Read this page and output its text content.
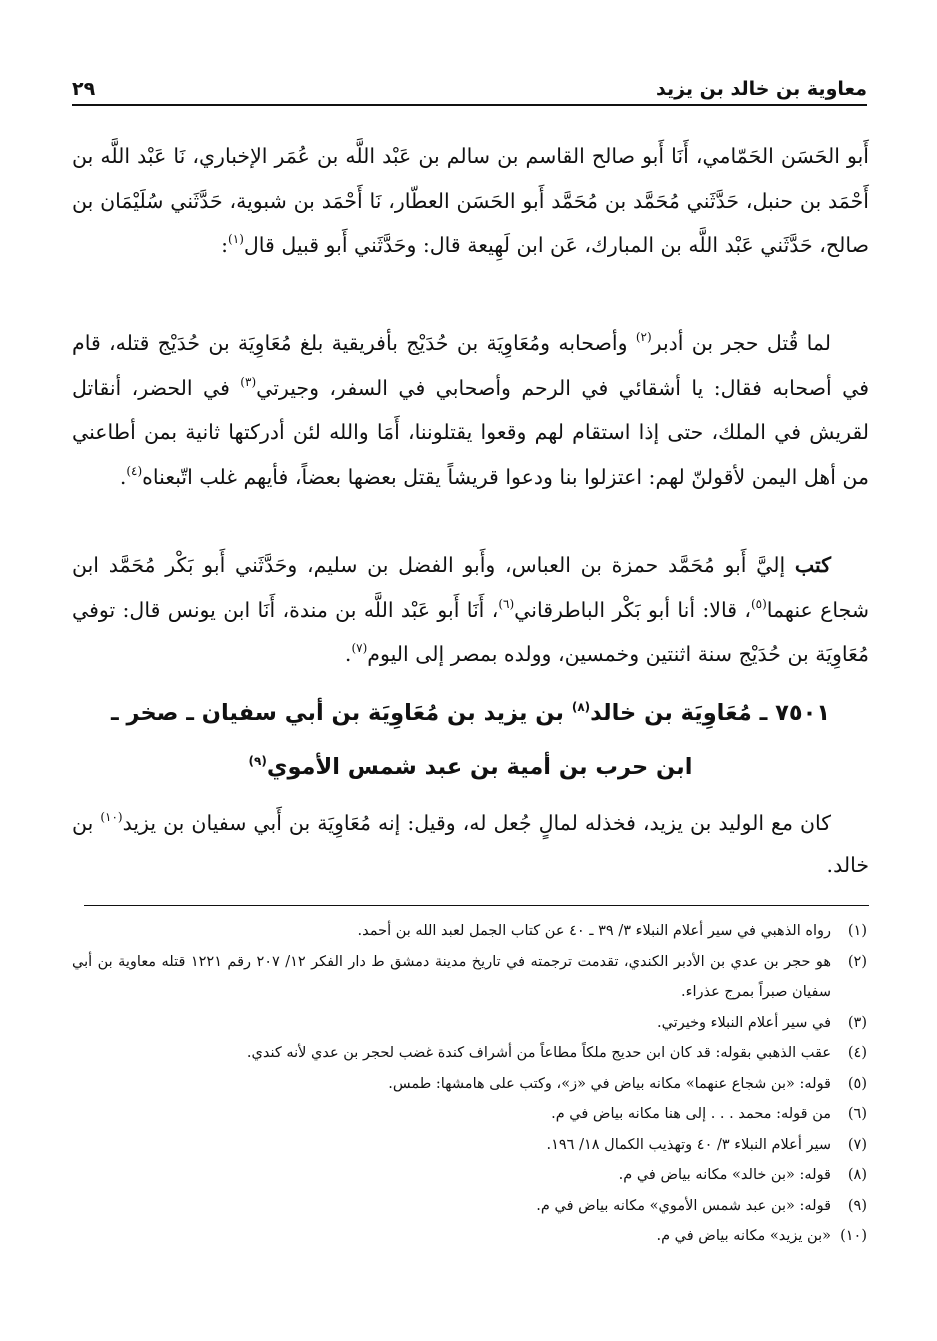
معاوية بن خالد بن يزيد
٢٩

أَبو الحَسَن الحَمّامي، أَنَا أَبو صالح القاسم بن سالم بن عَبْد اللَّه بن عُمَر الإخباري، نَا عَبْد اللَّه بن أَحْمَد بن حنبل، حَدَّثَني مُحَمَّد بن مُحَمَّد أَبو الحَسَن العطّار، نَا أَحْمَد بن شبوية، حَدَّثَني سُلَيْمَان بن صالح، حَدَّثَني عَبْد اللَّه بن المبارك، عَن ابن لَهِيعة قال: وحَدَّثَني أَبو قبيل قال$^{(١)}$:

لما قُتل حجر بن أدبر$^{(٢)}$ وأصحابه ومُعَاوِيَة بن حُدَيْج بأفريقية بلغ مُعَاوِيَة بن حُدَيْج قتله، قام في أصحابه فقال: يا أشقائي في الرحم وأصحابي في السفر، وجيرتي$^{(٣)}$ في الحضر، أنقاتل لقريش في الملك، حتى إذا استقام لهم وقعوا يقتلوننا، أَمَا والله لئن أدركتها ثانية بمن أطاعني من أهل اليمن لأقولنّ لهم: اعتزلوا بنا ودعوا قريشاً يقتل بعضها بعضاً، فأيهم غلب اتّبعناه$^{(٤)}$.

كتب إليَّ أَبو مُحَمَّد حمزة بن العباس، وأَبو الفضل بن سليم، وحَدَّثَني أَبو بَكْر مُحَمَّد ابن شجاع عنهما$^{(٥)}$، قالا: أنا أبو بَكْر الباطرقاني$^{(٦)}$، أَنَا أَبو عَبْد اللَّه بن مندة، أَنَا ابن يونس قال: توفي مُعَاوِيَة بن حُدَيْج سنة اثنتين وخمسين، وولده بمصر إلى اليوم$^{(٧)}$.

٧٥٠١ ـ مُعَاوِيَة بن خالد$^{(٨)}$ بن يزيد بن مُعَاوِيَة بن أبي سفيان ـ صخر ـ
ابن حرب بن أمية بن عبد شمس الأموي$^{(٩)}$
كان مع الوليد بن يزيد، فخذله لمالٍ جُعل له، وقيل: إنه مُعَاوِيَة بن أَبي سفيان بن يزيد$^{(١٠)}$ بن خالد.
(١)
رواه الذهبي في سير أعلام النبلاء ٣/ ٣٩ ـ ٤٠ عن كتاب الجمل لعبد الله بن أحمد.
(٢)
هو حجر بن عدي بن الأدبر الكندي، تقدمت ترجمته في تاريخ مدينة دمشق ط دار الفكر ١٢/ ٢٠٧ رقم ١٢٢١ قتله معاوية بن أبي سفيان صبراً بمرج عذراء.
(٣)
في سير أعلام النبلاء وخيرتي.
(٤)
عقب الذهبي بقوله: قد كان ابن حديج ملكاً مطاعاً من أشراف كندة غضب لحجر بن عدي لأنه كندي.
(٥)
قوله: «بن شجاع عنهما» مكانه بياض في «ز»، وكتب على هامشها: طمس.
(٦)
من قوله: محمد . . . إلى هنا مكانه بياض في م.
(٧)
سير أعلام النبلاء ٣/ ٤٠ وتهذيب الكمال ١٨/ ١٩٦.
(٨)
قوله: «بن خالد» مكانه بياض في م.
(٩)
قوله: «بن عبد شمس الأموي» مكانه بياض في م.
(١٠)
«بن يزيد» مكانه بياض في م.
